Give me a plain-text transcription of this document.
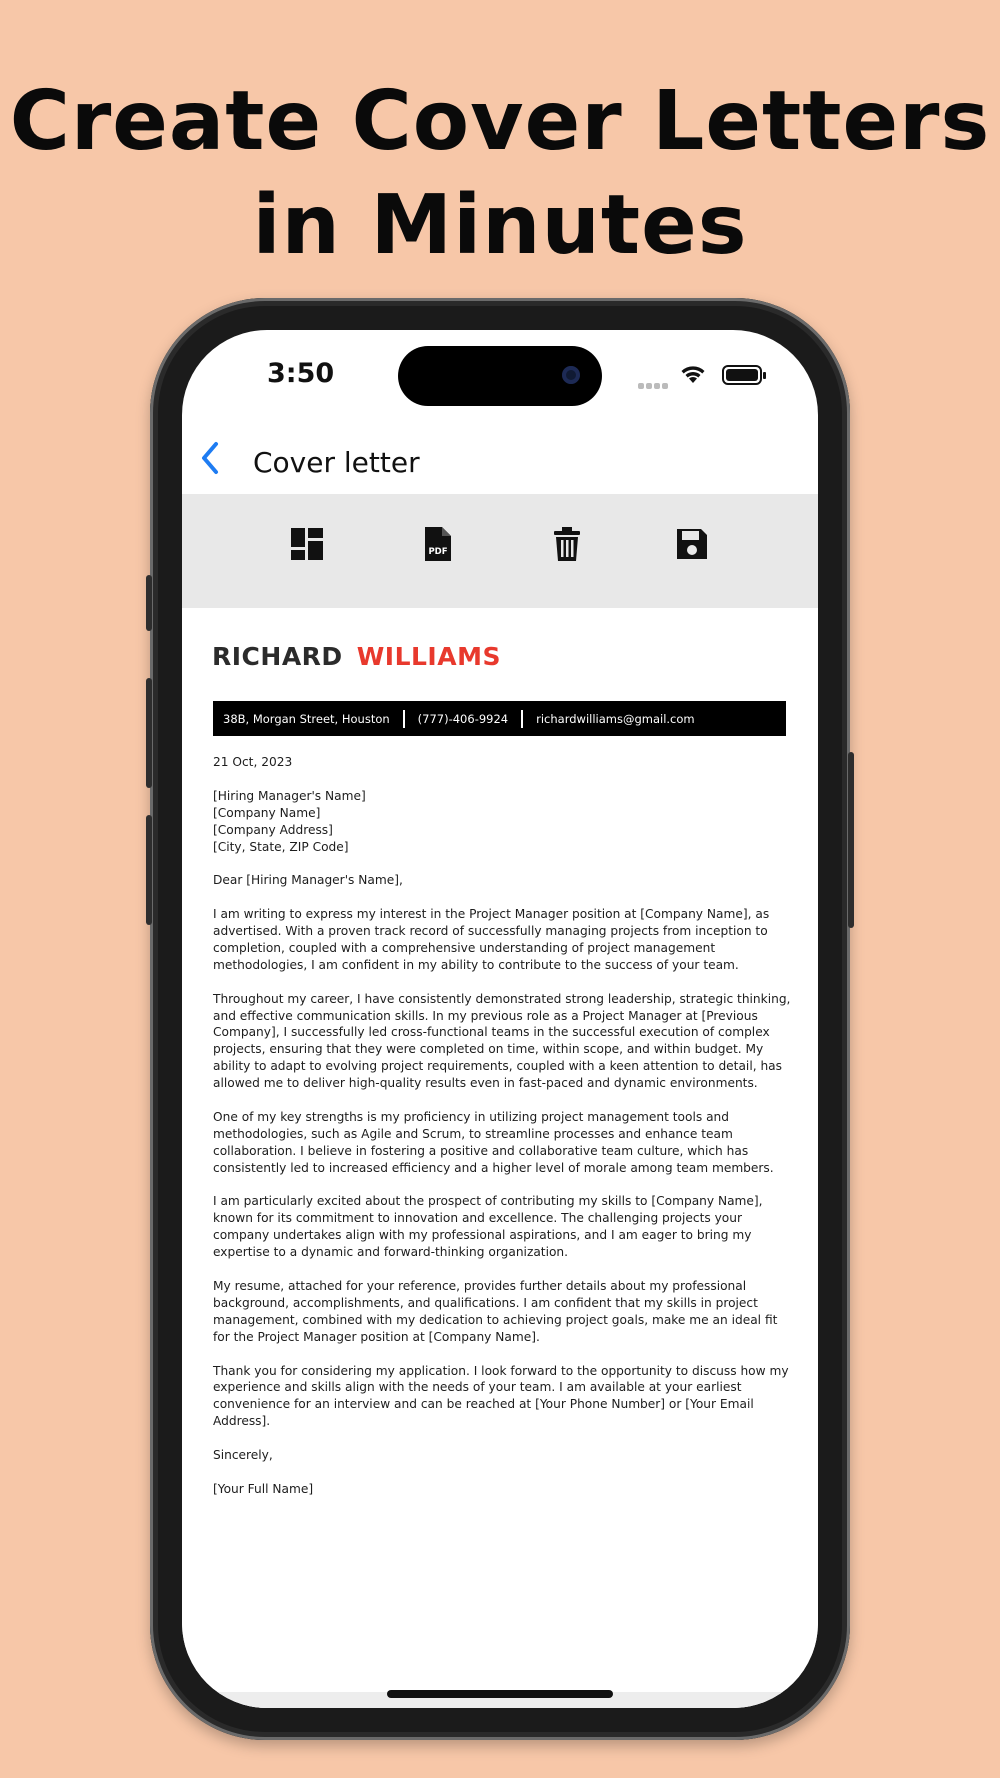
Create Cover Letters
in Minutes
3:50
Cover letter
PDF
RICHARD WILLIAMS
38B, Morgan Street, Houston (777)-406-9924 richardwilliams@gmail.com

21 Oct, 2023

[Hiring Manager's Name]
[Company Name]
[Company Address]
[City, State, ZIP Code]

Dear [Hiring Manager's Name],

I am writing to express my interest in the Project Manager position at [Company Name], as advertised. With a proven track record of successfully managing projects from inception to completion, coupled with a comprehensive understanding of project management methodologies, I am confident in my ability to contribute to the success of your team.

Throughout my career, I have consistently demonstrated strong leadership, strategic thinking, and effective communication skills. In my previous role as a Project Manager at [Previous Company], I successfully led cross-functional teams in the successful execution of complex projects, ensuring that they were completed on time, within scope, and within budget. My ability to adapt to evolving project requirements, coupled with a keen attention to detail, has allowed me to deliver high-quality results even in fast-paced and dynamic environments.

One of my key strengths is my proficiency in utilizing project management tools and methodologies, such as Agile and Scrum, to streamline processes and enhance team collaboration. I believe in fostering a positive and collaborative team culture, which has consistently led to increased efficiency and a higher level of morale among team members.

I am particularly excited about the prospect of contributing my skills to [Company Name], known for its commitment to innovation and excellence. The challenging projects your company undertakes align with my professional aspirations, and I am eager to bring my expertise to a dynamic and forward-thinking organization.

My resume, attached for your reference, provides further details about my professional background, accomplishments, and qualifications. I am confident that my skills in project management, combined with my dedication to achieving project goals, make me an ideal fit for the Project Manager position at [Company Name].

Thank you for considering my application. I look forward to the opportunity to discuss how my experience and skills align with the needs of your team. I am available at your earliest convenience for an interview and can be reached at [Your Phone Number] or [Your Email Address].

Sincerely,

[Your Full Name]
